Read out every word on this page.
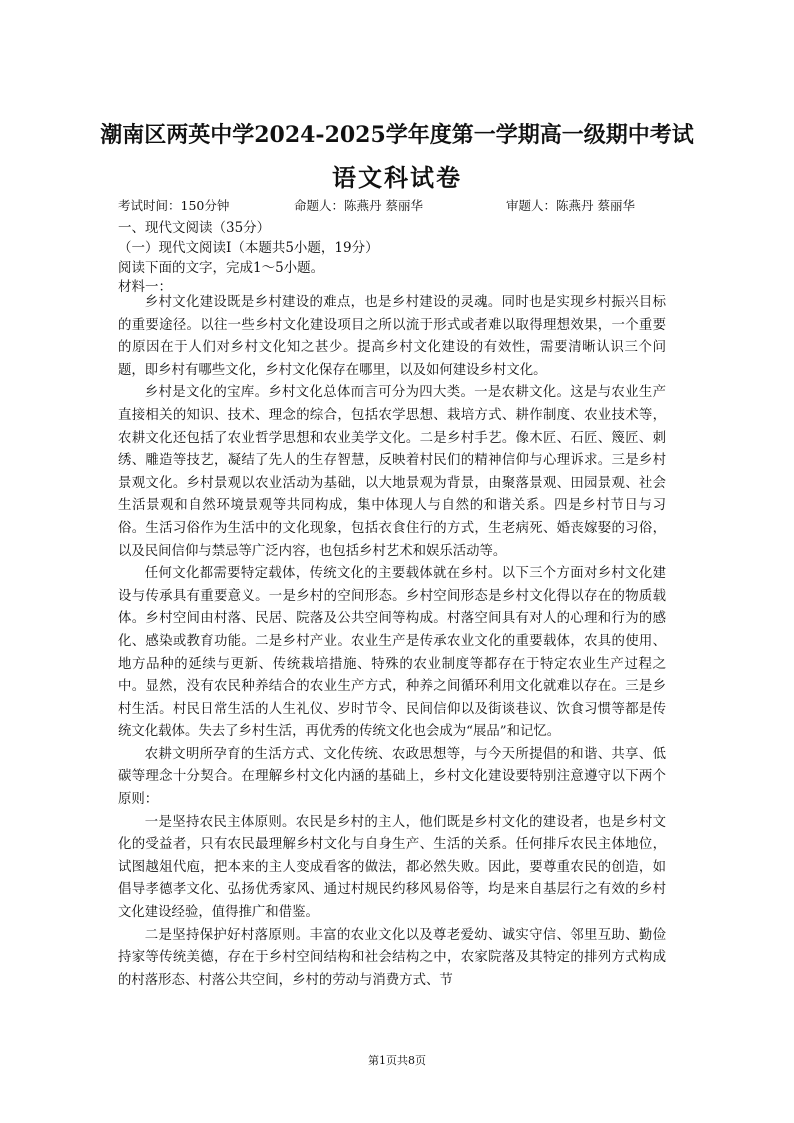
潮南区两英中学2024-2025学年度第一学期高一级期中考试
语文科试卷
考试时间：150分钟	命题人：陈燕丹 蔡丽华	审题人：陈燕丹 蔡丽华
一、现代文阅读（35分）
（一）现代文阅读Ⅰ（本题共5小题，19分）
阅读下面的文字，完成1～5小题。
材料一：

乡村文化建设既是乡村建设的难点，也是乡村建设的灵魂。同时也是实现乡村振兴目标的重要途径。以往一些乡村文化建设项目之所以流于形式或者难以取得理想效果，一个重要的原因在于人们对乡村文化知之甚少。提高乡村文化建设的有效性，需要清晰认识三个问题，即乡村有哪些文化，乡村文化保存在哪里，以及如何建设乡村文化。

乡村是文化的宝库。乡村文化总体而言可分为四大类。一是农耕文化。这是与农业生产直接相关的知识、技术、理念的综合，包括农学思想、栽培方式、耕作制度、农业技术等，农耕文化还包括了农业哲学思想和农业美学文化。二是乡村手艺。像木匠、石匠、篾匠、刺绣、雕造等技艺，凝结了先人的生存智慧，反映着村民们的精神信仰与心理诉求。三是乡村景观文化。乡村景观以农业活动为基础，以大地景观为背景，由聚落景观、田园景观、社会生活景观和自然环境景观等共同构成，集中体现人与自然的和谐关系。四是乡村节日与习俗。生活习俗作为生活中的文化现象，包括衣食住行的方式，生老病死、婚丧嫁娶的习俗，以及民间信仰与禁忌等广泛内容，也包括乡村艺术和娱乐活动等。

任何文化都需要特定载体，传统文化的主要载体就在乡村。以下三个方面对乡村文化建设与传承具有重要意义。一是乡村的空间形态。乡村空间形态是乡村文化得以存在的物质载体。乡村空间由村落、民居、院落及公共空间等构成。村落空间具有对人的心理和行为的感化、感染或教育功能。二是乡村产业。农业生产是传承农业文化的重要载体，农具的使用、地方品种的延续与更新、传统栽培措施、特殊的农业制度等都存在于特定农业生产过程之中。显然，没有农民种养结合的农业生产方式，种养之间循环利用文化就难以存在。三是乡村生活。村民日常生活的人生礼仪、岁时节令、民间信仰以及街谈巷议、饮食习惯等都是传统文化载体。失去了乡村生活，再优秀的传统文化也会成为“展品”和记忆。

农耕文明所孕育的生活方式、文化传统、农政思想等，与今天所提倡的和谐、共享、低碳等理念十分契合。在理解乡村文化内涵的基础上，乡村文化建设要特别注意遵守以下两个原则：

一是坚持农民主体原则。农民是乡村的主人，他们既是乡村文化的建设者，也是乡村文化的受益者，只有农民最理解乡村文化与自身生产、生活的关系。任何排斥农民主体地位，试图越俎代庖，把本来的主人变成看客的做法，都必然失败。因此，要尊重农民的创造，如倡导孝德孝文化、弘扬优秀家风、通过村规民约移风易俗等，均是来自基层行之有效的乡村文化建设经验，值得推广和借鉴。

二是坚持保护好村落原则。丰富的农业文化以及尊老爱幼、诚实守信、邻里互助、勤俭持家等传统美德，存在于乡村空间结构和社会结构之中，农家院落及其特定的排列方式构成的村落形态、村落公共空间，乡村的劳动与消费方式、节

第1页共8页
